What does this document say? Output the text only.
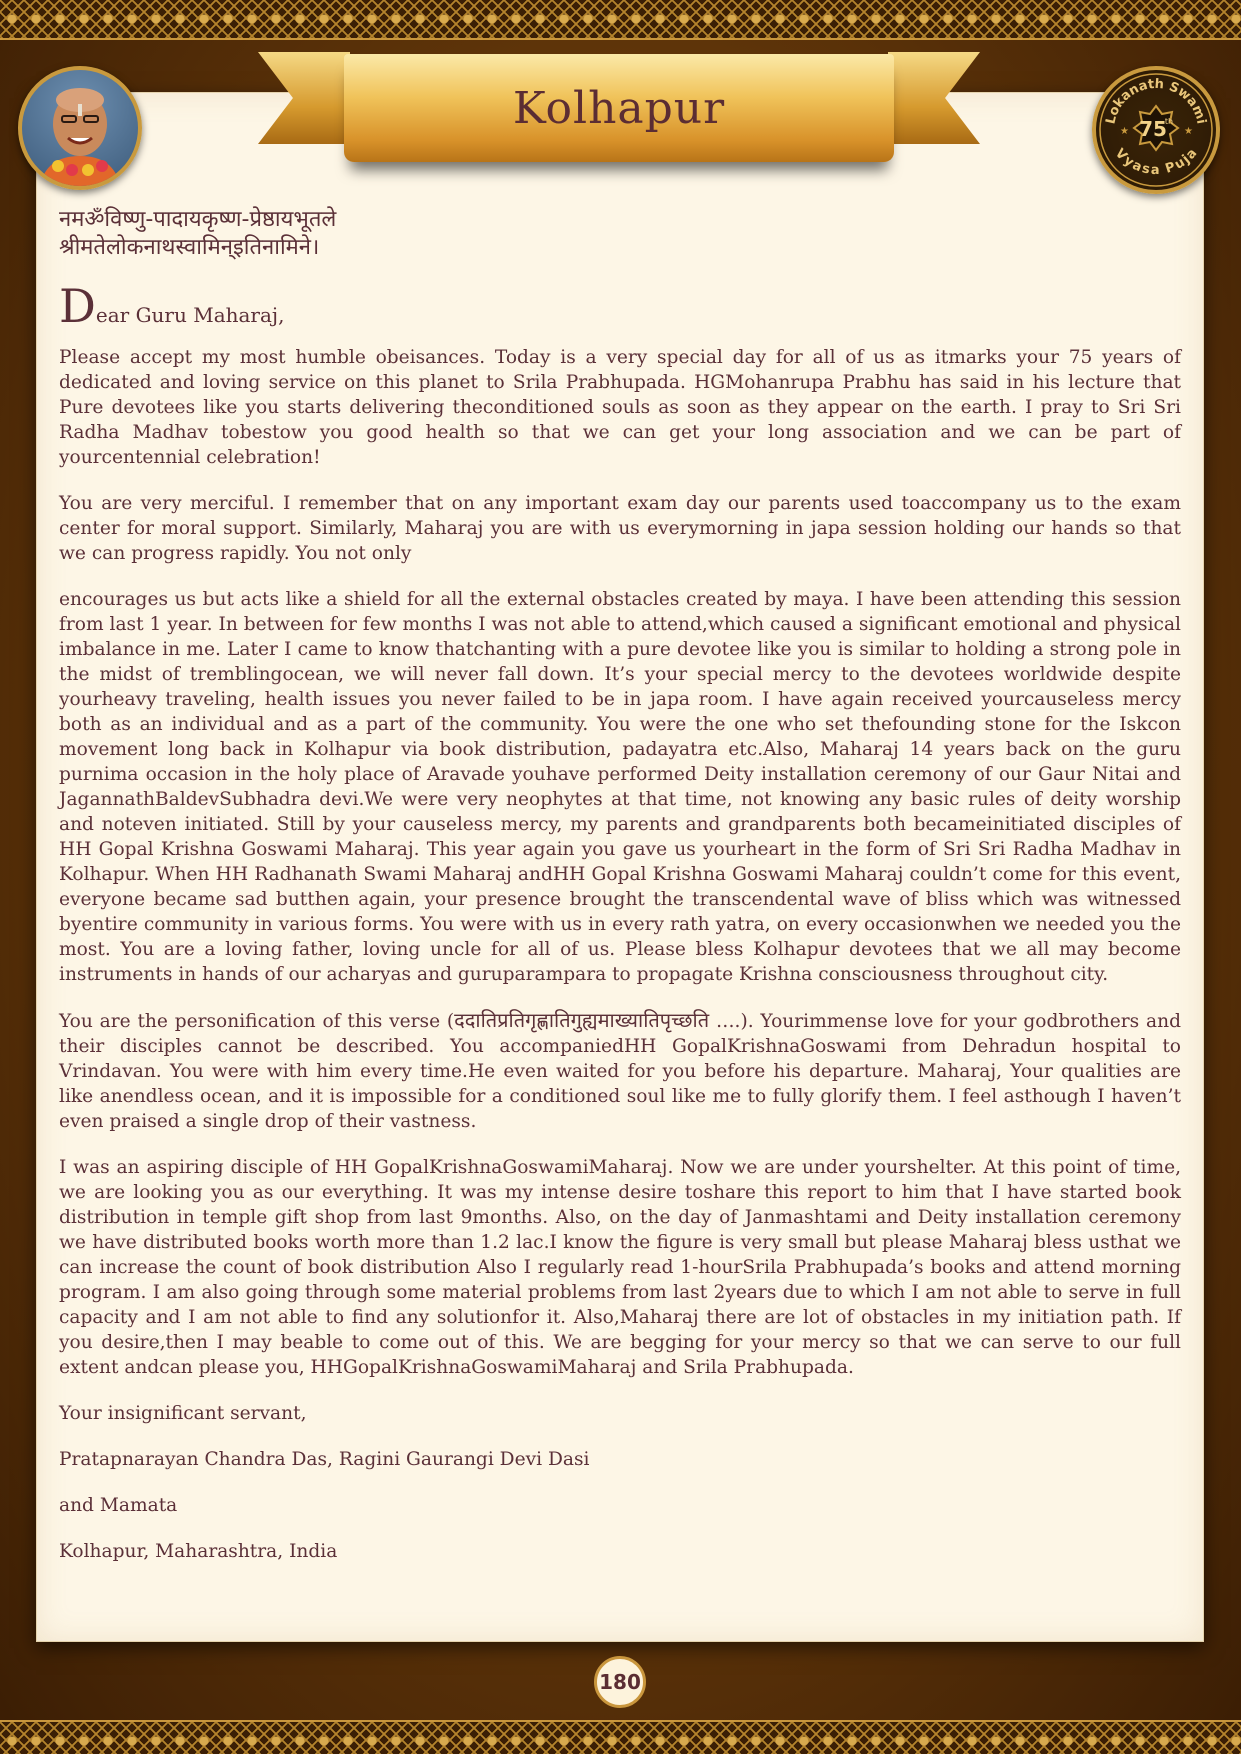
Kolhapur	Lokanath Swami
Vyasa Puja
75
th
★	★

नमॐविष्णु-पादायकृष्ण-प्रेष्ठायभूतले

श्रीमतेलोकनाथस्वामिन्इतिनामिने।

Dear Guru Maharaj,

Please accept my most humble obeisances. Today is a very special day for all of us as itmarks your 75 years of dedicated and loving service on this planet to Srila Prabhupada. HGMohanrupa Prabhu has said in his lecture that Pure devotees like you starts delivering theconditioned souls as soon as they appear on the earth. I pray to Sri Sri Radha Madhav tobestow you good health so that we can get your long association and we can be part of yourcentennial celebration!

You are very merciful. I remember that on any important exam day our parents used toaccompany us to the exam center for moral support. Similarly, Maharaj you are with us everymorning in japa session holding our hands so that we can progress rapidly. You not only

encourages us but acts like a shield for all the external obstacles created by maya. I have been attending this session from last 1 year. In between for few months I was not able to attend,which caused a significant emotional and physical imbalance in me. Later I came to know thatchanting with a pure devotee like you is similar to holding a strong pole in the midst of tremblingocean, we will never fall down. It’s your special mercy to the devotees worldwide despite yourheavy traveling, health issues you never failed to be in japa room. I have again received yourcauseless mercy both as an individual and as a part of the community. You were the one who set thefounding stone for the Iskcon movement long back in Kolhapur via book distribution, padayatra etc.Also, Maharaj 14 years back on the guru purnima occasion in the holy place of Aravade youhave performed Deity installation ceremony of our Gaur Nitai and JagannathBaldevSubhadra devi.We were very neophytes at that time, not knowing any basic rules of deity worship and noteven initiated. Still by your causeless mercy, my parents and grandparents both becameinitiated disciples of HH Gopal Krishna Goswami Maharaj. This year again you gave us yourheart in the form of Sri Sri Radha Madhav in Kolhapur. When HH Radhanath Swami Maharaj andHH Gopal Krishna Goswami Maharaj couldn’t come for this event, everyone became sad butthen again, your presence brought the transcendental wave of bliss which was witnessed byentire community in various forms. You were with us in every rath yatra, on every occasionwhen we needed you the most. You are a loving father, loving uncle for all of us. Please bless Kolhapur devotees that we all may become instruments in hands of our acharyas and guruparampara to propagate Krishna consciousness throughout city.

You are the personification of this verse (ददातिप्रतिगृह्णातिगुह्यमाख्यातिपृच्छति ….). Yourimmense love for your godbrothers and their disciples cannot be described. You accompaniedHH GopalKrishnaGoswami from Dehradun hospital to Vrindavan. You were with him every time.He even waited for you before his departure. Maharaj, Your qualities are like anendless ocean, and it is impossible for a conditioned soul like me to fully glorify them. I feel asthough I haven’t even praised a single drop of their vastness.

I was an aspiring disciple of HH GopalKrishnaGoswamiMaharaj. Now we are under yourshelter. At this point of time, we are looking you as our everything. It was my intense desire toshare this report to him that I have started book distribution in temple gift shop from last 9months. Also, on the day of Janmashtami and Deity installation ceremony we have distributed books worth more than 1.2 lac.I know the figure is very small but please Maharaj bless usthat we can increase the count of book distribution Also I regularly read 1-hourSrila Prabhupada’s books and attend morning program. I am also going through some material problems from last 2years due to which I am not able to serve in full capacity and I am not able to find any solutionfor it. Also,Maharaj there are lot of obstacles in my initiation path. If you desire,then I may beable to come out of this. We are begging for your mercy so that we can serve to our full extent andcan please you, HHGopalKrishnaGoswamiMaharaj and Srila Prabhupada.

Your insignificant servant,

Pratapnarayan Chandra Das, Ragini Gaurangi Devi Dasi

and Mamata

Kolhapur, Maharashtra, India

180
